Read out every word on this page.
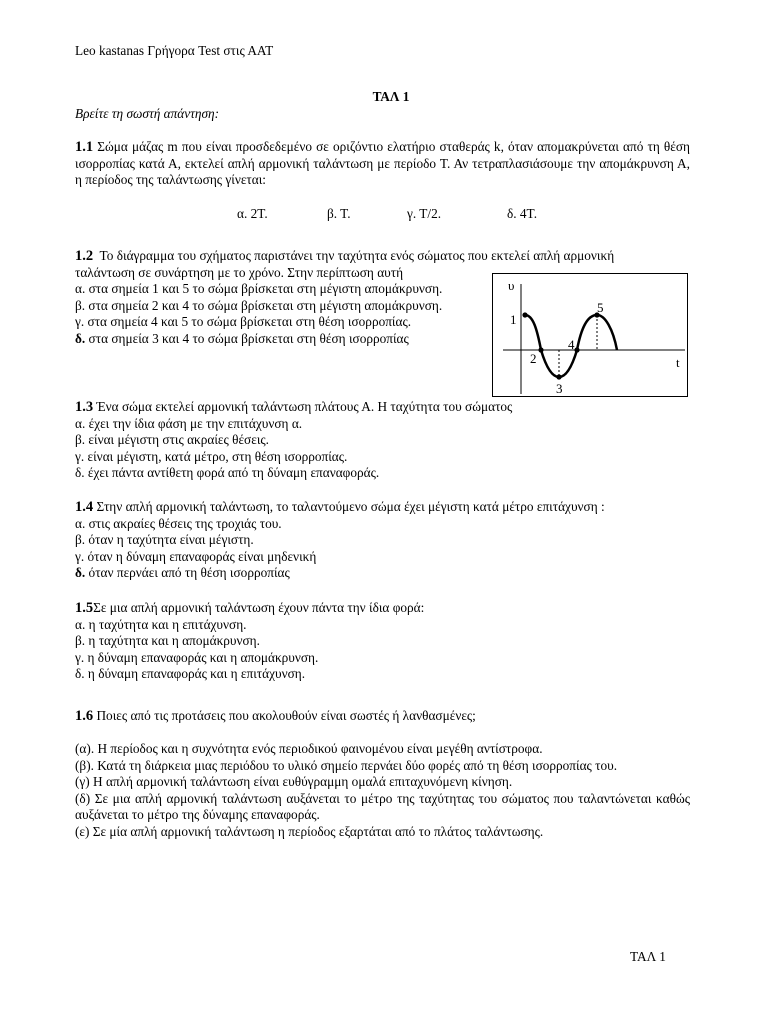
Leo kastanas Γρήγορα Test στις ΑΑΤ
ΤΑΛ 1
Βρείτε τη σωστή απάντηση:

1.1 Σώμα μάζας m που είναι προσδεδεμένο σε οριζόντιο ελατήριο σταθεράς k, όταν απομακρύνεται από τη θέση ισορροπίας κατά Α, εκτελεί απλή αρμονική ταλάντωση με περίοδο Τ. Αν τετραπλασιάσουμε την απομάκρυνση Α, η περίοδος της ταλάντωσης γίνεται:

α. 2Τ.	β. Τ.	γ. Τ/2.	δ. 4Τ.
1.2 Το διάγραμμα του σχήματος παριστάνει την ταχύτητα ενός σώματος που εκτελεί απλή αρμονική
ταλάντωση σε συνάρτηση με το χρόνο. Στην περίπτωση αυτή

α. στα σημεία 1 και 5 το σώμα βρίσκεται στη μέγιστη απομάκρυνση.

β. στα σημεία 2 και 4 το σώμα βρίσκεται στη μέγιστη απομάκρυνση.

γ. στα σημεία 4 και 5 το σώμα βρίσκεται στη θέση ισορροπίας.

δ. στα σημεία 3 και 4 το σώμα βρίσκεται στη θέση ισορροπίας

υ
t
1
2
3
4
5

1.3 Ένα σώμα εκτελεί αρμονική ταλάντωση πλάτους Α. Η ταχύτητα του σώματος

α. έχει την ίδια φάση με την επιτάχυνση α.

β. είναι μέγιστη στις ακραίες θέσεις.

γ. είναι μέγιστη, κατά μέτρο, στη θέση ισορροπίας.

δ. έχει πάντα αντίθετη φορά από τη δύναμη επαναφοράς.

1.4 Στην απλή αρμονική ταλάντωση, το ταλαντούμενο σώμα έχει μέγιστη κατά μέτρο επιτάχυνση :

α. στις ακραίες θέσεις της τροχιάς του.

β. όταν η ταχύτητα είναι μέγιστη.

γ. όταν η δύναμη επαναφοράς είναι μηδενική

δ. όταν περνάει από τη θέση ισορροπίας

1.5Σε μια απλή αρμονική ταλάντωση έχουν πάντα την ίδια φορά:

α. η ταχύτητα και η επιτάχυνση.

β. η ταχύτητα και η απομάκρυνση.

γ. η δύναμη επαναφοράς και η απομάκρυνση.

δ. η δύναμη επαναφοράς και η επιτάχυνση.

1.6 Ποιες από τις προτάσεις που ακολουθούν είναι σωστές ή λανθασμένες;

(α). Η περίοδος και η συχνότητα ενός περιοδικού φαινομένου είναι μεγέθη αντίστροφα.

(β). Κατά τη διάρκεια μιας περιόδου το υλικό σημείο περνάει δύο φορές από τη θέση ισορροπίας του.

(γ) Η απλή αρμονική ταλάντωση είναι ευθύγραμμη ομαλά επιταχυνόμενη κίνηση.

(δ) Σε μια απλή αρμονική ταλάντωση αυξάνεται το μέτρο της ταχύτητας του σώματος που ταλαντώνεται καθώς αυξάνεται το μέτρο της δύναμης επαναφοράς.

(ε) Σε μία απλή αρμονική ταλάντωση η περίοδος εξαρτάται από το πλάτος ταλάντωσης.

ΤΑΛ 1
